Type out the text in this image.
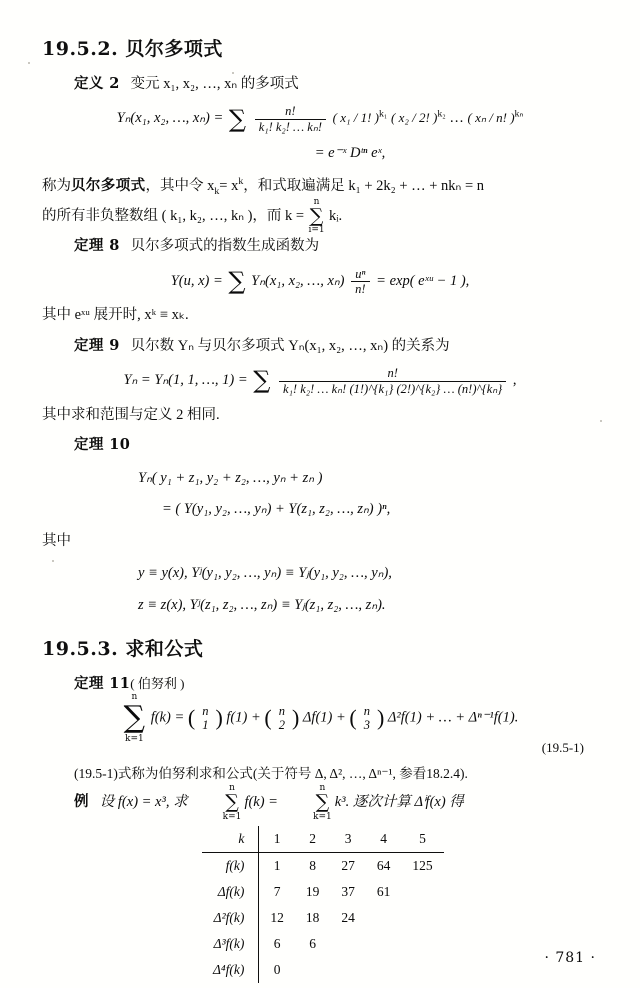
19.5.2. 贝尔多项式
定义 2 变元 x₁, x₂, …, xₙ 的多项式
Yₙ(x₁, x₂, …, xₙ) = ∑ $\frac{n!}{\text{k₁! k₂! … kₙ!}}$ ( x₁ / 1! )$^{k_1}$ ( x₂ / 2! )$^{k_2}$ … ( xₙ / n! )$^{k_n}$
= e⁻ˣ Dᵗⁿ eˣ,
称为贝尔多项式，其中令 $x_k= x^k$，和式取遍满足 k₁ + 2k₂ + … + nkₙ = n
的所有非负整数组 ( k₁, k₂, …, kₙ )，而 k = ∑
n
i=1
kᵢ.
定理 8 贝尔多项式的指数生成函数为
Y(u, x) = ∑ Yₙ(x₁, x₂, …, $x_n) \frac{\text{uⁿ}}{n!} = \exp$( eˣᵘ − 1 ),
其中 eˣᵘ 展开时, xᵏ ≡ xₖ.
定理 9 贝尔数 Yₙ 与贝尔多项式 Yₙ(x₁, x₂, …, xₙ) 的关系为
Yₙ = Yₙ(1, 1, …, 1) = ∑ $\frac{n!}{\text{k₁! k₂! … kₙ! (1!)\textasciicircum{}\{k₁\} (2!)\textasciicircum{}\{k₂\} … (n!)\textasciicircum{}\{kₙ\}}}$ ,
其中求和范围与定义 2 相同.
定理 10
Yₙ( y₁ + z₁, y₂ + z₂, …, yₙ + zₙ )
= ( Y(y₁, y₂, …, yₙ) + Y(z₁, z₂, …, zₙ) )ⁿ,
其中
y ≡ y(x), Yʲ(y₁, y₂, …, yₙ) ≡ Yⱼ(y₁, y₂, …, yₙ),
z ≡ z(x), Yʲ(z₁, z₂, …, zₙ) ≡ Yⱼ(z₁, z₂, …, zₙ).
19.5.3. 求和公式
定理 11( 伯努利 )
∑
n
k=1
f(k) = ( n
1 ) f(1) + ( n
2 ) Δf(1) + ( n
3 ) Δ²f(1) + … + Δⁿ⁻¹f(1).
(19.5-1)
(19.5-1)式称为伯努利求和公式(关于符号 Δ, Δ², …, Δⁿ⁻¹, 参看18.2.4).
例 设 f(x) = x³, 求 ∑
n
k=1
f(k) = ∑
n
k=1
k³. 逐次计算 Δⁱf(x) 得
k	1	2	3	4	5
f(k)	1	8	27	64	125
Δf(k)	7	19	37	61	
Δ²f(k)	12	18	24		
Δ³f(k)	6	6			
Δ⁴f(k)	0				
· 781 ·
